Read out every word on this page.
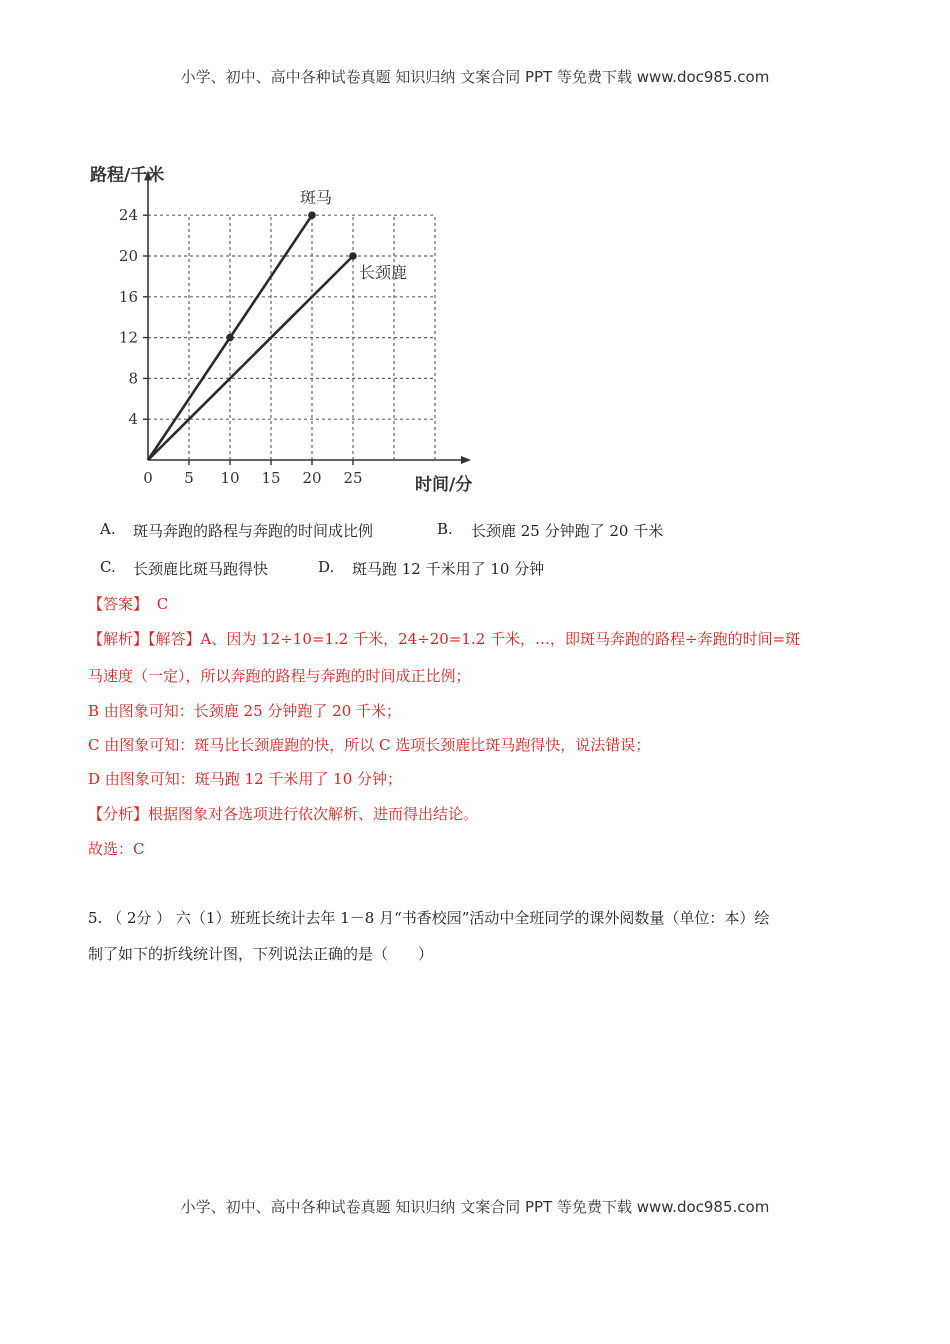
小学、初中、高中各种试卷真题 知识归纳 文案合同 PPT 等免费下载 www.doc985.com
4
8
12
16
20
24
0 5 10 15 20 25
斑马
长颈鹿
路程/千米
时间/分
A. 斑马奔跑的路程与奔跑的时间成比例	B. 长颈鹿 25 分钟跑了 20 千米
C. 长颈鹿比斑马跑得快	D. 斑马跑 12 千米用了 10 分钟
【答案】 C
【解析】【解答】A、因为 12÷10=1.2 千米，24÷20=1.2 千米，…，即斑马奔跑的路程÷奔跑的时间=斑
马速度（一定），所以奔跑的路程与奔跑的时间成正比例；
B 由图象可知：长颈鹿 25 分钟跑了 20 千米；
C 由图象可知：斑马比长颈鹿跑的快，所以 C 选项长颈鹿比斑马跑得快，说法错误；
D 由图象可知：斑马跑 12 千米用了 10 分钟；
【分析】根据图象对各选项进行依次解析、进而得出结论。
故选：C
5. （ 2分 ） 六（1）班班长统计去年 1－8 月“书香校园”活动中全班同学的课外阅数量（单位：本）绘
制了如下的折线统计图，下列说法正确的是（　　）
小学、初中、高中各种试卷真题 知识归纳 文案合同 PPT 等免费下载 www.doc985.com
